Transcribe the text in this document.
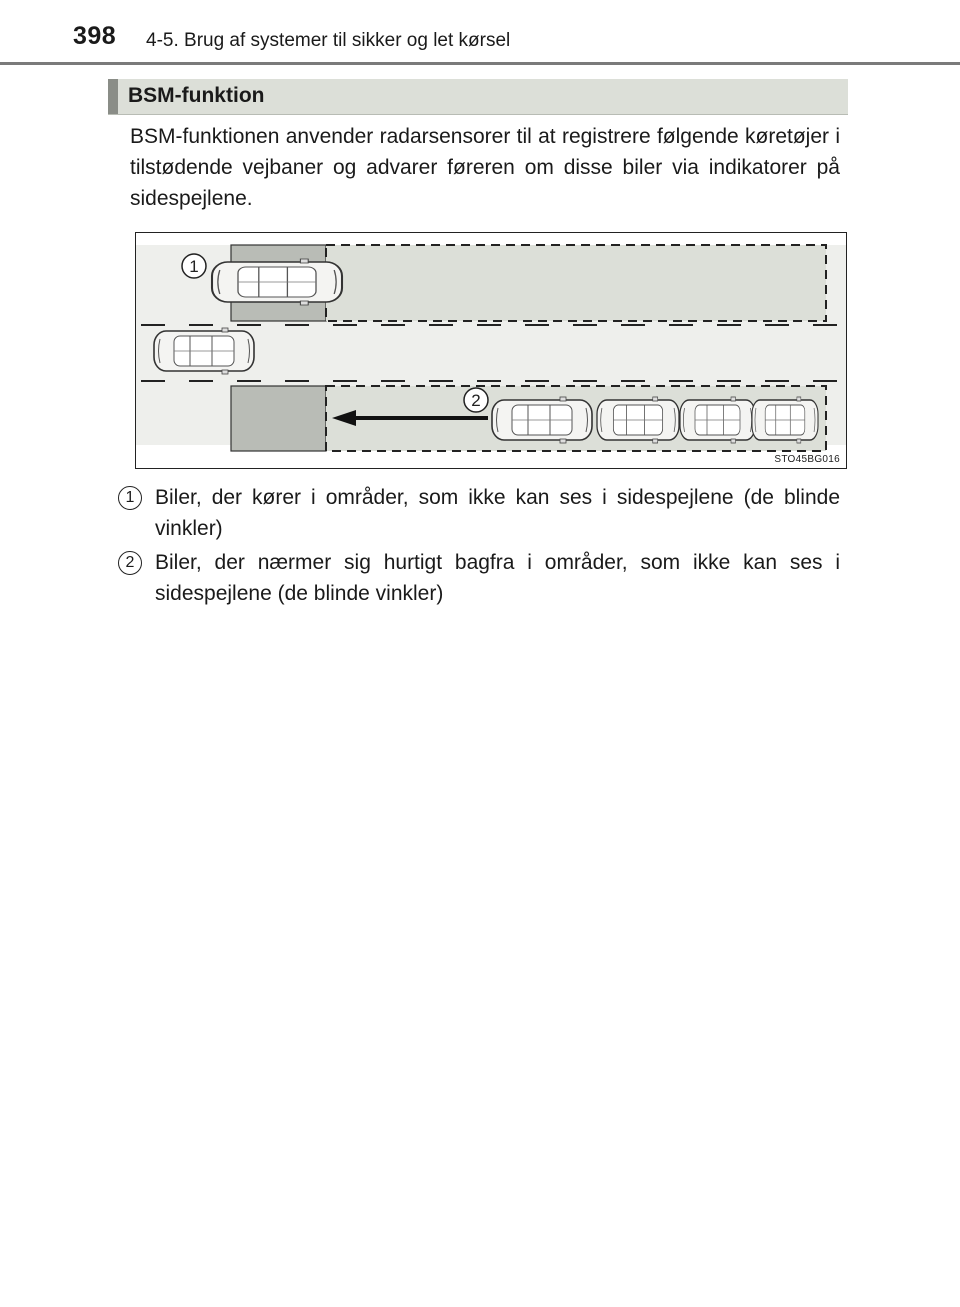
398 4-5. Brug af systemer til sikker og let kørsel
BSM-funktion

BSM-funktionen anvender radarsensorer til at registrere følgende køretøjer i tilstødende vejbaner og advarer føreren om disse biler via indikatorer på sidespejlene.

1
2
STO45BG016
1 Biler, der kører i områder, som ikke kan ses i sidespejlene (de blinde vinkler)

2 Biler, der nærmer sig hurtigt bagfra i områder, som ikke kan ses i sidespejlene (de blinde vinkler)
